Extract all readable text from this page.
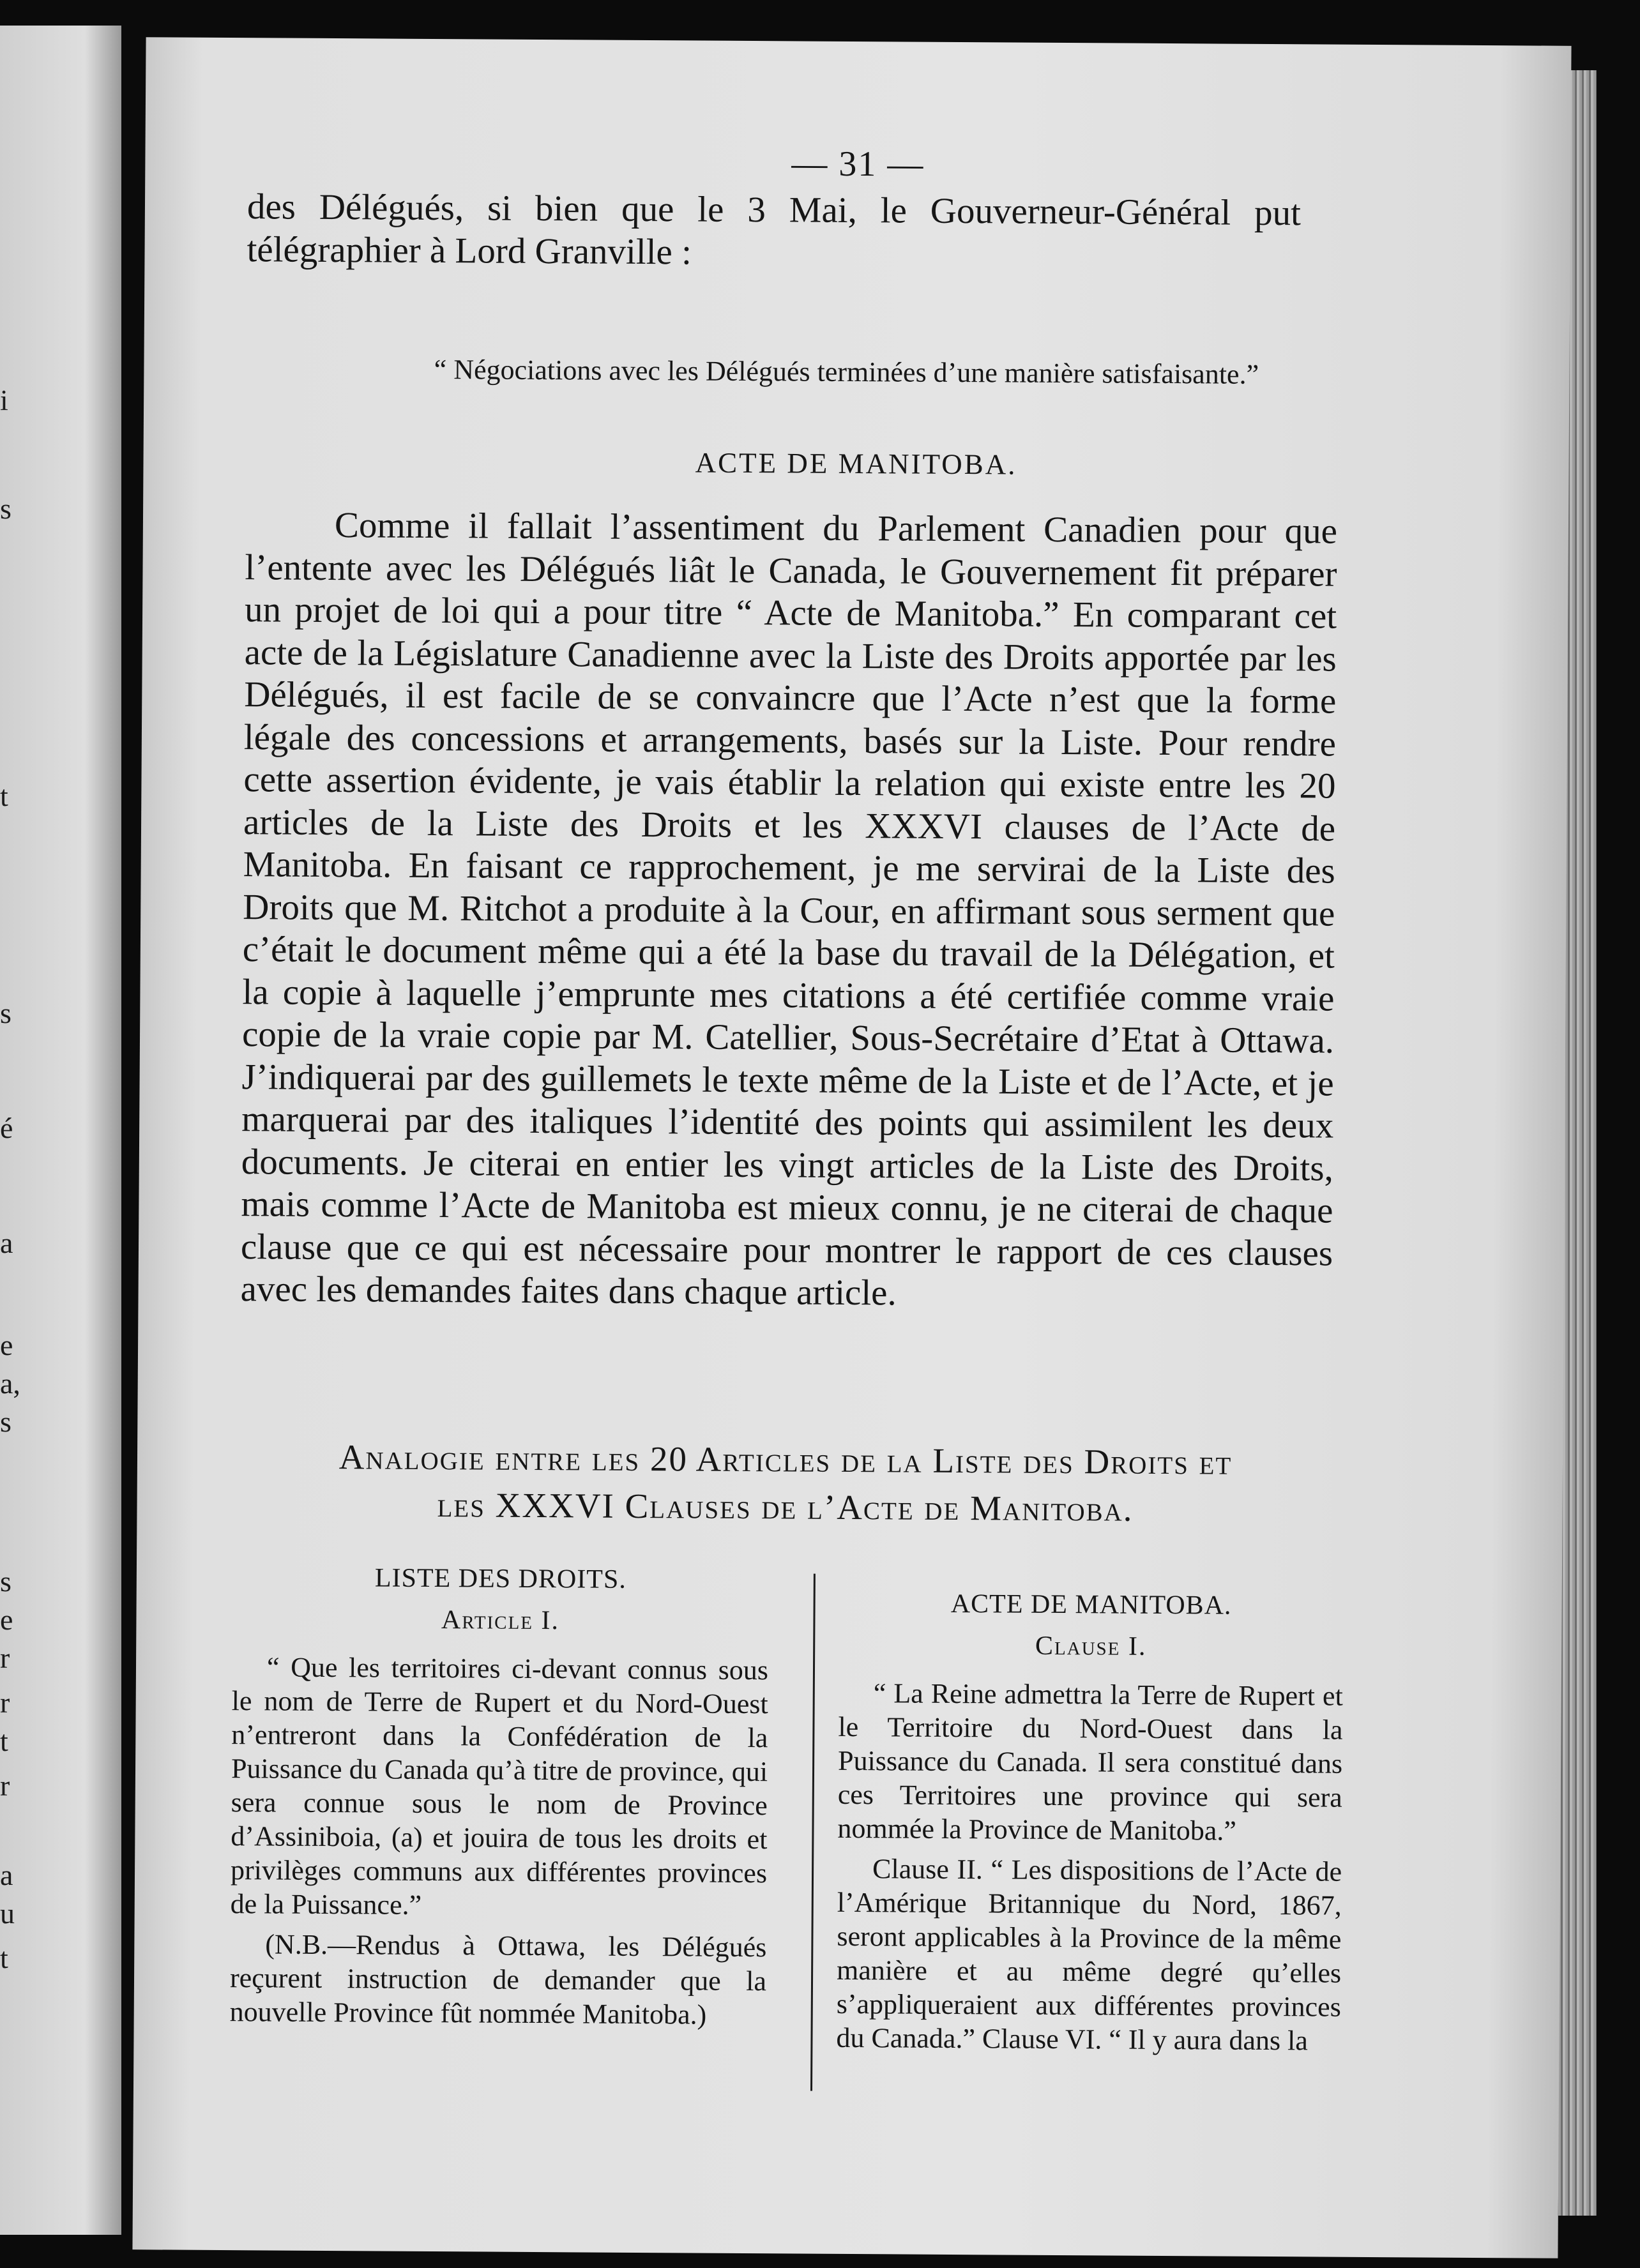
i
s
t
s
é
a
e
a,
s
s
e
r
r
t
r
a
u
t
— 31 —
des Délégués, si bien que le 3 Mai, le Gouverneur-Général put télégraphier à Lord Granville :
“ Négociations avec les Délégués terminées d’une manière satisfaisante.”
ACTE DE MANITOBA.
Comme il fallait l’assentiment du Parlement Canadien pour que l’entente avec les Délégués liât le Canada, le Gouvernement fit préparer un projet de loi qui a pour titre “ Acte de Manitoba.” En comparant cet acte de la Législature Canadienne avec la Liste des Droits apportée par les Délégués, il est facile de se convaincre que l’Acte n’est que la forme légale des concessions et arrangements, basés sur la Liste. Pour rendre cette assertion évidente, je vais établir la relation qui existe entre les 20 articles de la Liste des Droits et les XXXVI clauses de l’Acte de Manitoba. En faisant ce rapprochement, je me servirai de la Liste des Droits que M. Ritchot a produite à la Cour, en affirmant sous serment que c’était le document même qui a été la base du travail de la Délégation, et la copie à laquelle j’emprunte mes citations a été certifiée comme vraie copie de la vraie copie par M. Catellier, Sous-Secrétaire d’Etat à Ottawa. J’indiquerai par des guillemets le texte même de la Liste et de l’Acte, et je marquerai par des italiques l’identité des points qui assimilent les deux documents. Je citerai en entier les vingt articles de la Liste des Droits, mais comme l’Acte de Manitoba est mieux connu, je ne citerai de chaque clause que ce qui est nécessaire pour montrer le rapport de ces clauses avec les demandes faites dans chaque article.
Analogie entre les 20 Articles de la Liste des Droits et
les XXXVI Clauses de l’Acte de Manitoba.
LISTE DES DROITS.
Article I.

“ Que les territoires ci-devant connus sous le nom de Terre de Rupert et du Nord-Ouest n’entreront dans la Confédération de la Puissance du Canada qu’à titre de province, qui sera connue sous le nom de Province d’Assiniboia, (a) et jouira de tous les droits et privilèges communs aux différentes provinces de la Puissance.”

(N.B.—Rendus à Ottawa, les Délégués reçurent instruction de demander que la nouvelle Province fût nommée Manitoba.)

ACTE DE MANITOBA.
Clause I.

“ La Reine admettra la Terre de Rupert et le Territoire du Nord-Ouest dans la Puissance du Canada. Il sera constitué dans ces Territoires une province qui sera nommée la Province de Manitoba.”

Clause II. “ Les dispositions de l’Acte de l’Amérique Britannique du Nord, 1867, seront applicables à la Province de la même manière et au même degré qu’elles s’appliqueraient aux différentes provinces du Canada.” Clause VI. “ Il y aura dans la
